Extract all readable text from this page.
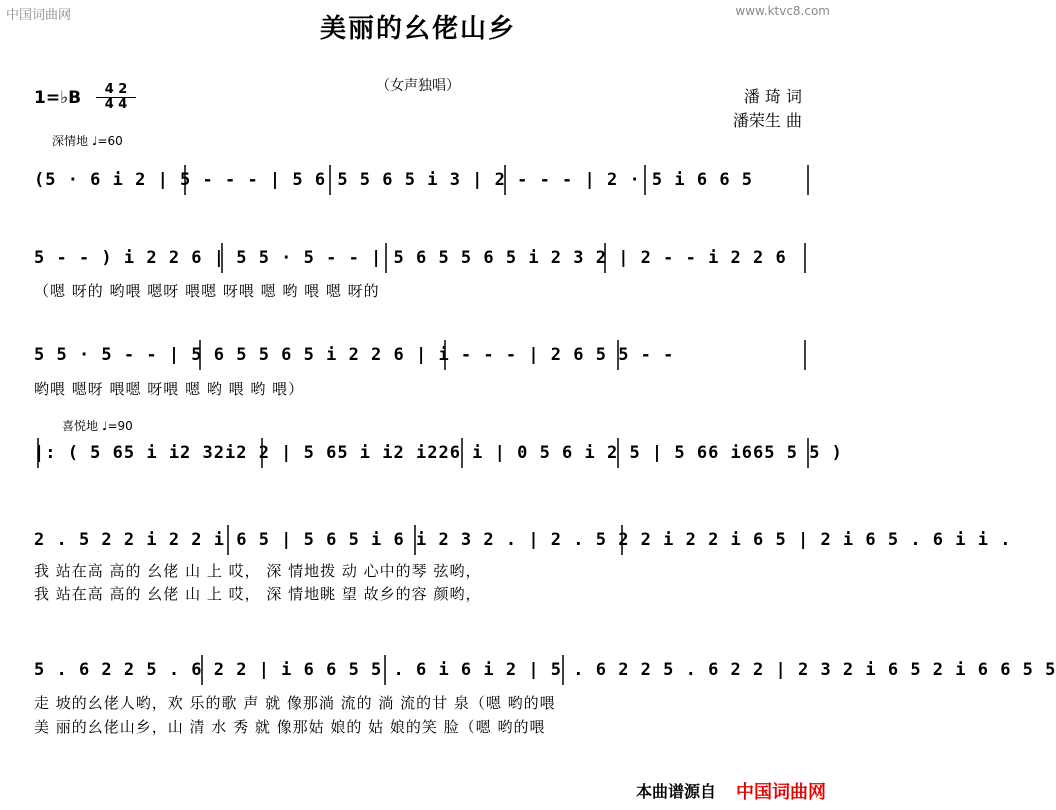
中国词曲网	www.ktvc8.com
美丽的幺佬山乡
（女声独唱）
潘 琦 词
潘荣生 曲
1=♭B	4 2
4 4
深情地 ♩=60
(5 · 6 i 2 | 5 - - - | 5 6 5 5 6 5 i 3 | 2 - - - | 2 · 5 i 6 6 5
5 - - ) i 2 2 6 | 5 5 · 5 - - | 5 6 5 5 6 5 i 2 3 2 | 2 - - i 2 2 6
（嗯 呀的 哟喂 嗯呀 喂嗯 呀喂 嗯 哟 喂 嗯 呀的
5 5 · 5 - - | 5 6 5 5 6 5 i 2 2 6 | i - - - | 2 6 5 5 - -
哟喂 嗯呀 喂嗯 呀喂 嗯 哟 喂 哟 喂）
喜悦地 ♩=90
|: ( 5 65 i i2 32i2 2 | 5 65 i i2 i226 i | 0 5 6 i 2 5 | 5 66 i665 5 5 )
2 . 5 2 2 i 2 2 i 6 5 | 5 6 5 i 6 i 2 3 2 . | 2 . 5 2 2 i 2 2 i 6 5 | 2 i 6 5 . 6 i i .
我 站在高 高的 幺佬 山 上 哎， 深 情地拨 动 心中的琴 弦哟，
我 站在高 高的 幺佬 山 上 哎， 深 情地眺 望 故乡的容 颜哟，
5 . 6 2 2 5 . 6 2 2 | i 6 6 5 5 . 6 i 6 i 2 | 5 . 6 2 2 5 . 6 2 2 | 2 3 2 i 6 5 2 i 6 6 5 5
走 坡的幺佬人哟，欢 乐的歌 声 就 像那淌 流的 淌 流的甘 泉（嗯 哟的喂
美 丽的幺佬山乡，山 清 水 秀 就 像那姑 娘的 姑 娘的笑 脸（嗯 哟的喂
本曲谱源自 中国词曲网
